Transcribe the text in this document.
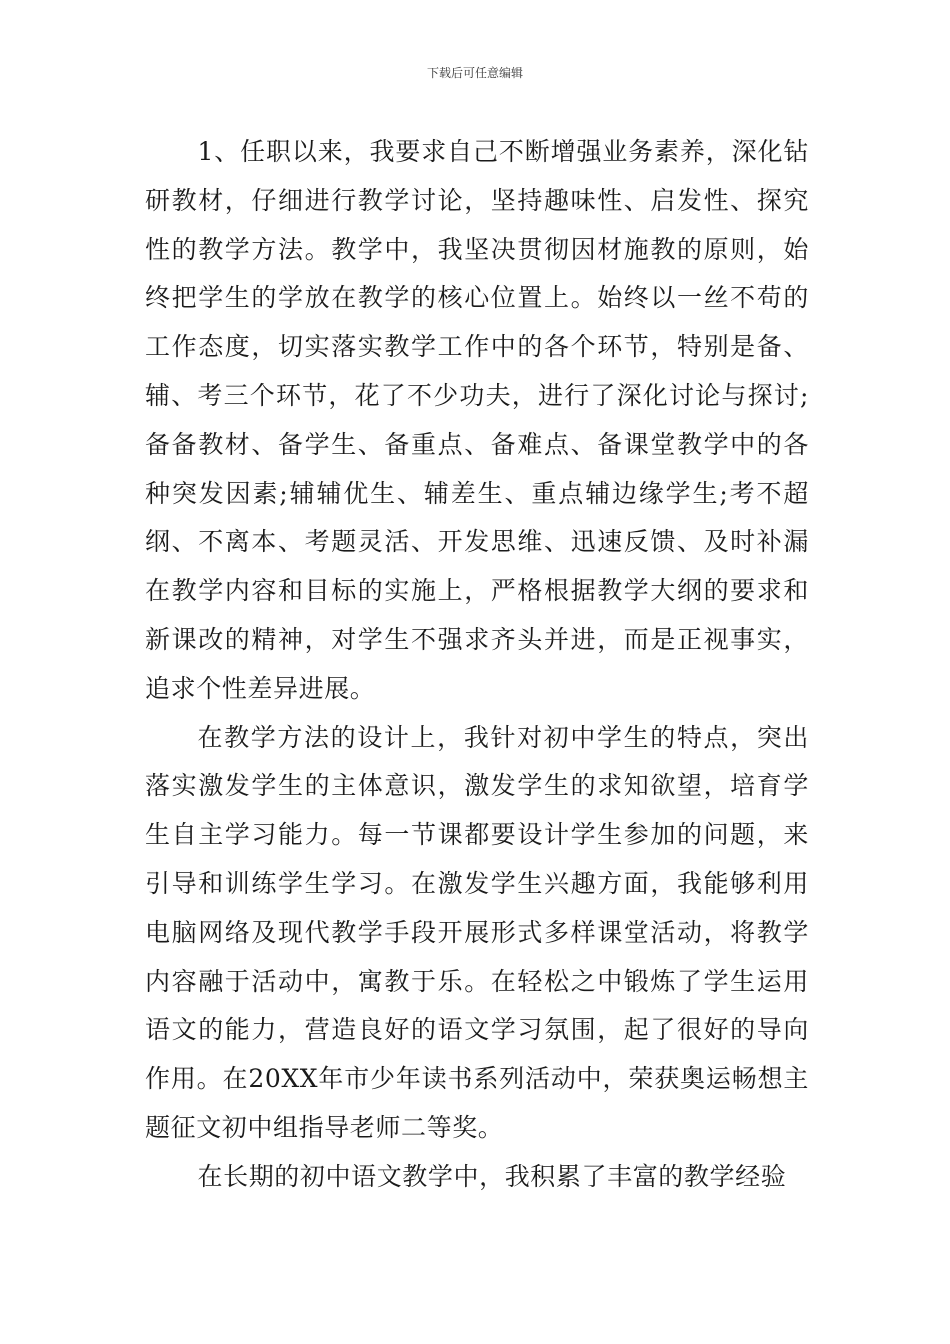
下载后可任意编辑

1、任职以来，我要求自己不断增强业务素养，深化钻研教材，仔细进行教学讨论，坚持趣味性、启发性、探究性的教学方法。教学中，我坚决贯彻因材施教的原则，始终把学生的学放在教学的核心位置上。始终以一丝不苟的工作态度，切实落实教学工作中的各个环节，特别是备、辅、考三个环节，花了不少功夫，进行了深化讨论与探讨;备备教材、备学生、备重点、备难点、备课堂教学中的各种突发因素;辅辅优生、辅差生、重点辅边缘学生;考不超纲、不离本、考题灵活、开发思维、迅速反馈、及时补漏在教学内容和目标的实施上，严格根据教学大纲的要求和新课改的精神，对学生不强求齐头并进，而是正视事实，追求个性差异进展。

在教学方法的设计上，我针对初中学生的特点，突出落实激发学生的主体意识，激发学生的求知欲望，培育学生自主学习能力。每一节课都要设计学生参加的问题，来引导和训练学生学习。在激发学生兴趣方面，我能够利用电脑网络及现代教学手段开展形式多样课堂活动，将教学内容融于活动中，寓教于乐。在轻松之中锻炼了学生运用语文的能力，营造良好的语文学习氛围，起了很好的导向作用。在20XX年市少年读书系列活动中，荣获奥运畅想主题征文初中组指导老师二等奖。

在长期的初中语文教学中，我积累了丰富的教学经验
